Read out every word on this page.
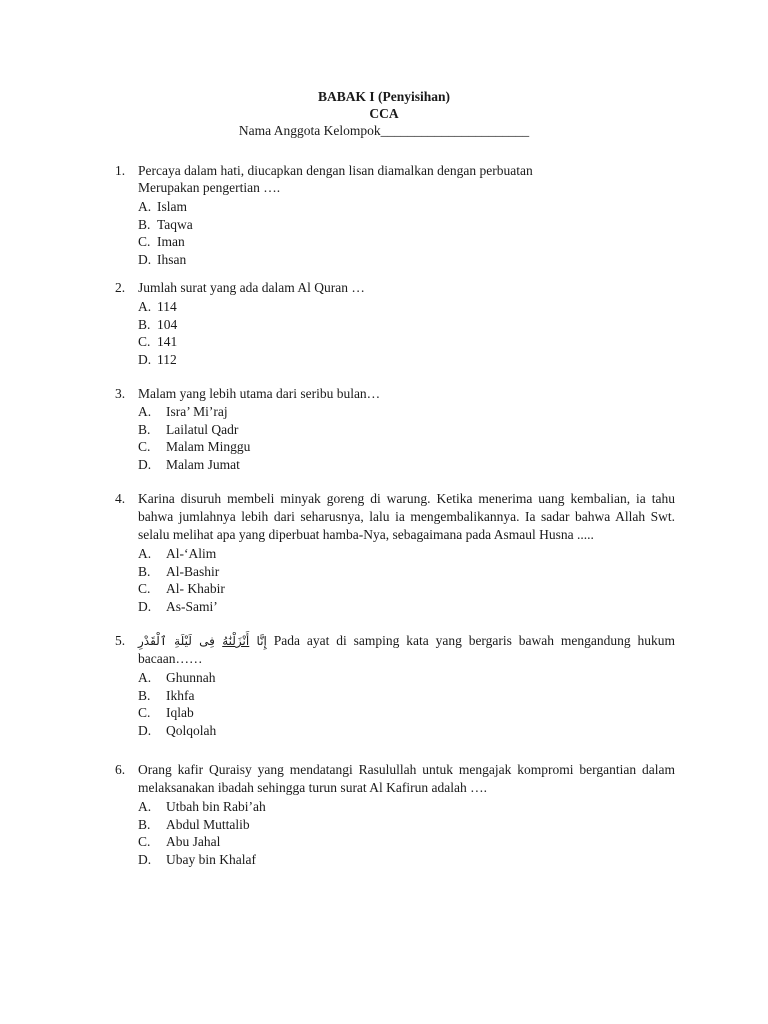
BABAK I (Penyisihan)
CCA
Nama Anggota Kelompok______________________
1. Percaya dalam hati, diucapkan dengan lisan diamalkan dengan perbuatan
Merupakan pengertian ….
A. Islam
B. Taqwa
C. Iman
D. Ihsan
2. Jumlah surat yang ada dalam Al Quran …
A. 114
B. 104
C. 141
D. 112
3. Malam yang lebih utama dari seribu bulan…
A.	Isra’ Mi’raj
B.	Lailatul Qadr
C.	Malam Minggu
D.	Malam Jumat
4. Karina disuruh membeli minyak goreng di warung. Ketika menerima uang kembalian, ia tahu bahwa jumlahnya lebih dari seharusnya, lalu ia mengembalikannya. Ia sadar bahwa Allah Swt. selalu melihat apa yang diperbuat hamba-Nya, sebagaimana pada Asmaul Husna .....
A.	Al-‘Alim
B.	Al-Bashir
C.	Al- Khabir
D.	As-Sami’
5.	إِنَّا أَنْزَلْنَٰهُ فِى لَيْلَةِ ٱلْقَدْرِ	Pada ayat di samping kata yang bergaris bawah mengandung hukum bacaan……
A.	Ghunnah
B.	Ikhfa
C.	Iqlab
D.	Qolqolah
6. Orang kafir Quraisy yang mendatangi Rasulullah untuk mengajak kompromi bergantian dalam melaksanakan ibadah sehingga turun surat Al Kafirun adalah ….
A.	Utbah bin Rabi’ah
B.	Abdul Muttalib
C.	Abu Jahal
D.	Ubay bin Khalaf
